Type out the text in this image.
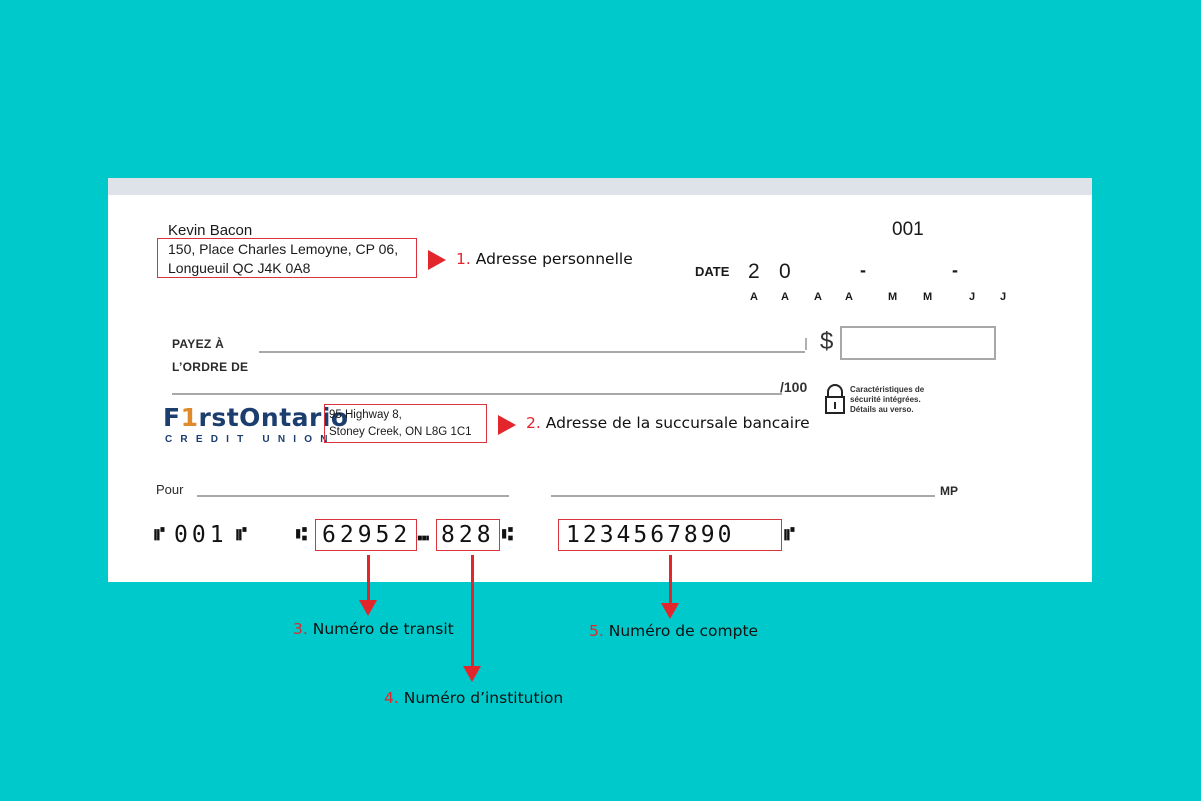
Kevin Bacon
150, Place Charles Lemoyne, CP 06,
Longueuil QC J4K 0A8
001
DATE 2 0	-	-
A A A A	M M	J J
PAYEZ À
L’ORDRE DE
$
/100	Caractéristiques de
sécurité intégrées.
Détails au verso.
F1rstOntario
CREDIT UNION
95 Highway 8,
Stoney Creek, ON L8G 1C1
Pour	MP
⑈ 001 ⑈	⑆ 62952 ⑉ 828 ⑆ 1234567890	⑈
1. Adresse personnelle
2. Adresse de la succursale bancaire
3. Numéro de transit
4. Numéro d’institution
5. Numéro de compte
